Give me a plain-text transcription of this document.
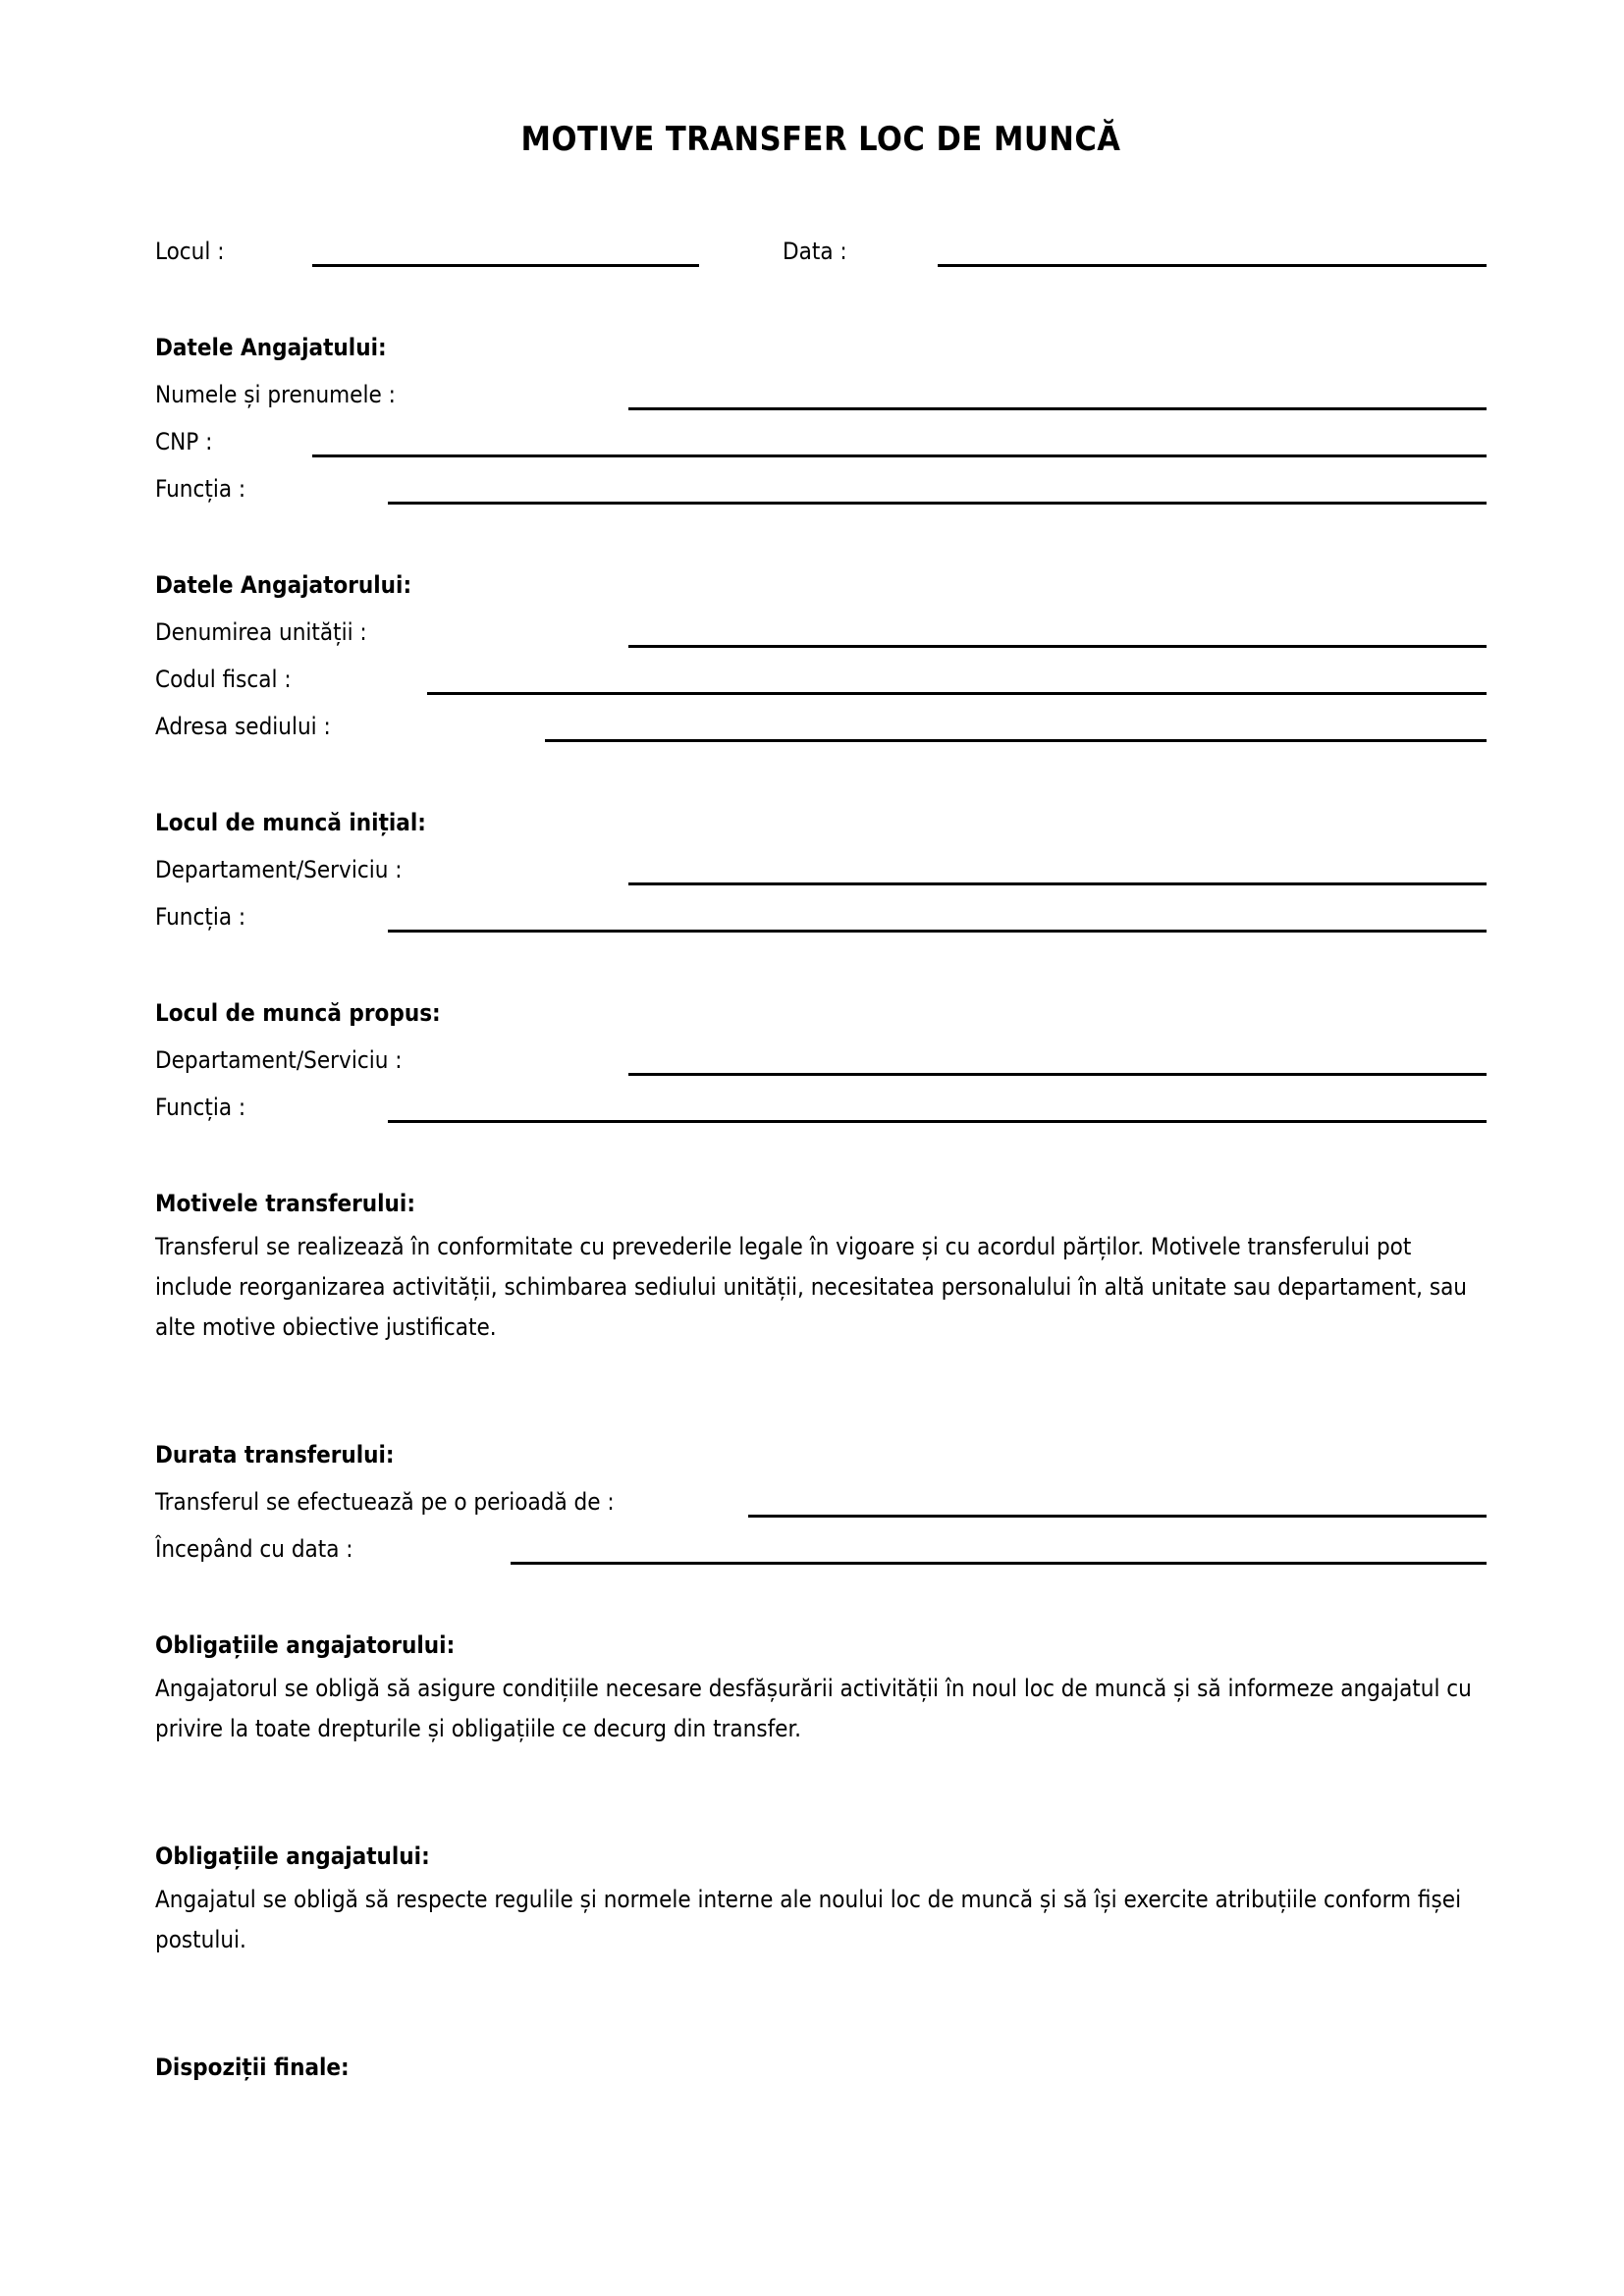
MOTIVE TRANSFER LOC DE MUNCĂ
Locul :	Data :
Datele Angajatului:
Numele și prenumele :
CNP :
Funcția :
Datele Angajatorului:
Denumirea unității :
Codul fiscal :
Adresa sediului :
Locul de muncă inițial:
Departament/Serviciu :
Funcția :
Locul de muncă propus:
Departament/Serviciu :
Funcția :
Motivele transferului:

Transferul se realizează în conformitate cu prevederile legale în vigoare și cu acordul părților. Motivele transferului pot include reorganizarea activității, schimbarea sediului unității, necesitatea personalului în altă unitate sau departament, sau alte motive obiective justificate.

Durata transferului:
Transferul se efectuează pe o perioadă de :
Începând cu data :
Obligațiile angajatorului:

Angajatorul se obligă să asigure condițiile necesare desfășurării activității în noul loc de muncă și să informeze angajatul cu privire la toate drepturile și obligațiile ce decurg din transfer.

Obligațiile angajatului:

Angajatul se obligă să respecte regulile și normele interne ale noului loc de muncă și să își exercite atribuțiile conform fișei postului.

Dispoziții finale:
